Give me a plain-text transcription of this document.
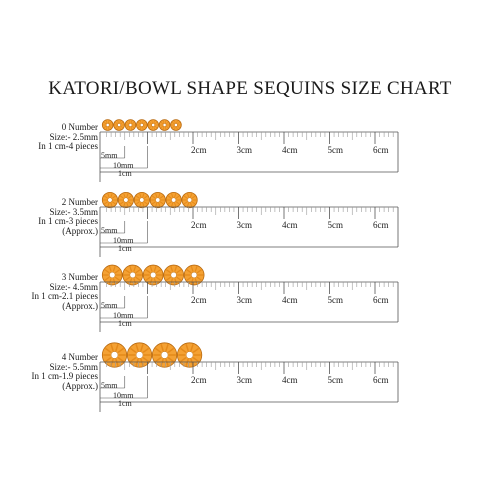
KATORI/BOWL SHAPE SEQUINS SIZE CHART
0 Number
Size:- 2.5mm
In 1 cm-4 pieces	2cm	3cm	4cm	5cm	6cm
5mm
10mm
1cm
2 Number
Size:- 3.5mm
In 1 cm-3 pieces
(Approx.)
2cm	3cm	4cm	5cm	6cm
5mm
10mm
1cm
3 Number
Size:- 4.5mm
In 1 cm-2.1 pieces
(Approx.)
2cm	3cm	4cm	5cm	6cm
5mm
10mm
1cm
4 Number
Size:- 5.5mm
In 1 cm-1.9 pieces
(Approx.)
2cm	3cm	4cm	5cm	6cm
5mm
10mm
1cm
